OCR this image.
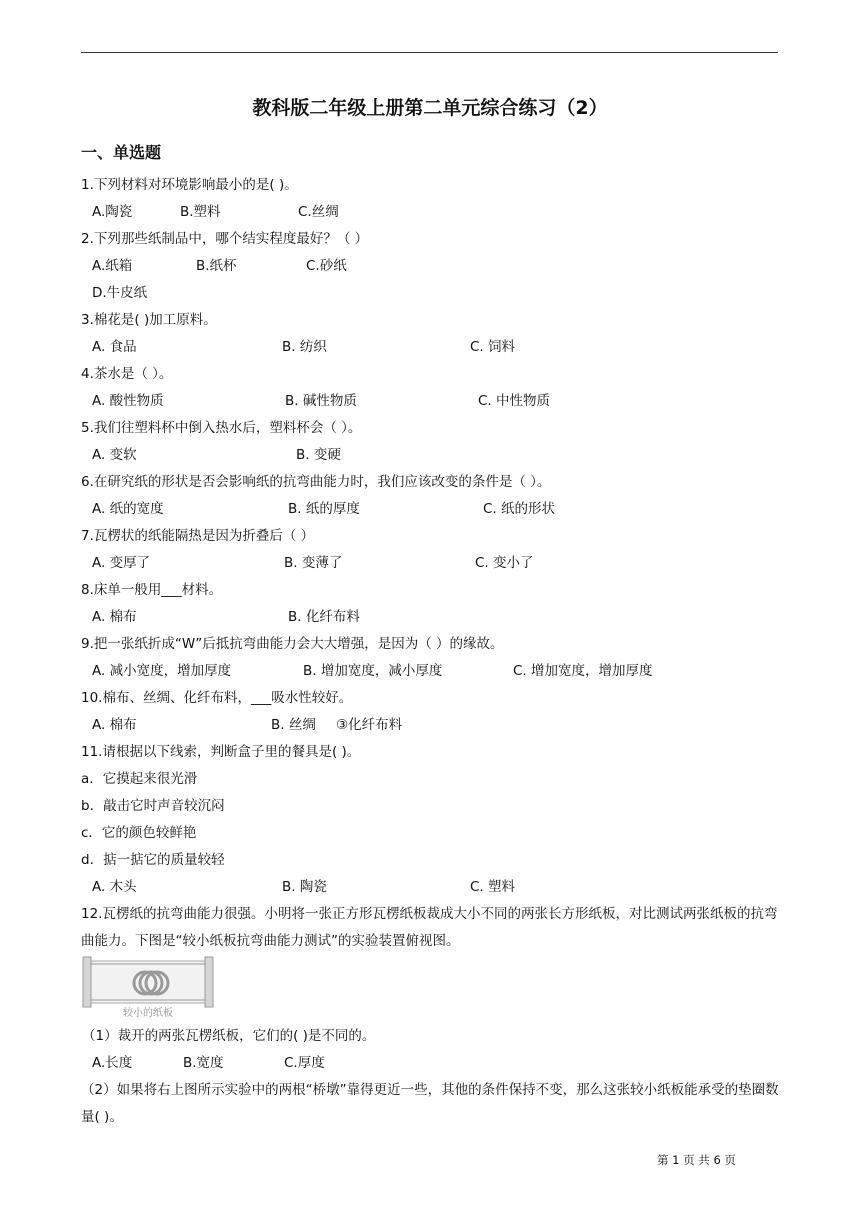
教科版二年级上册第二单元综合练习（2）
一、单选题
1.下列材料对环境影响最小的是( )。
A.陶瓷	B.塑料	C.丝绸
2.下列那些纸制品中，哪个结实程度最好？（ ）
A.纸箱	B.纸杯	C.砂纸
D.牛皮纸
3.棉花是( )加工原料。
A. 食品	B. 纺织	C. 饲料
4.茶水是（ ）。
A. 酸性物质	B. 碱性物质	C. 中性物质
5.我们往塑料杯中倒入热水后，塑料杯会（ ）。
A. 变软	B. 变硬
6.在研究纸的形状是否会影响纸的抗弯曲能力时，我们应该改变的条件是（ ）。
A. 纸的宽度	B. 纸的厚度	C. 纸的形状
7.瓦楞状的纸能隔热是因为折叠后（ ）
A. 变厚了	B. 变薄了	C. 变小了
8.床单一般用___材料。
A. 棉布	B. 化纤布料
9.把一张纸折成“W”后抵抗弯曲能力会大大增强，是因为（ ）的缘故。
A. 减小宽度，增加厚度	B. 增加宽度，减小厚度	C. 增加宽度，增加厚度
10.棉布、丝绸、化纤布料，___吸水性较好。
A. 棉布	B. 丝绸 ③化纤布料
11.请根据以下线索，判断盒子里的餐具是( )。
a．它摸起来很光滑
b．敲击它时声音较沉闷
c．它的颜色较鲜艳
d．掂一掂它的质量较轻
A. 木头	B. 陶瓷	C. 塑料
12.瓦楞纸的抗弯曲能力很强。小明将一张正方形瓦楞纸板裁成大小不同的两张长方形纸板，对比测试两张纸板的抗弯曲能力。下图是“较小纸板抗弯曲能力测试”的实验装置俯视图。
较小的纸板
（1）裁开的两张瓦楞纸板，它们的( )是不同的。
A.长度	B.宽度	C.厚度
（2）如果将右上图所示实验中的两根“桥墩”靠得更近一些，其他的条件保持不变，那么这张较小纸板能承受的垫圈数量( )。
第 1 页 共 6 页
